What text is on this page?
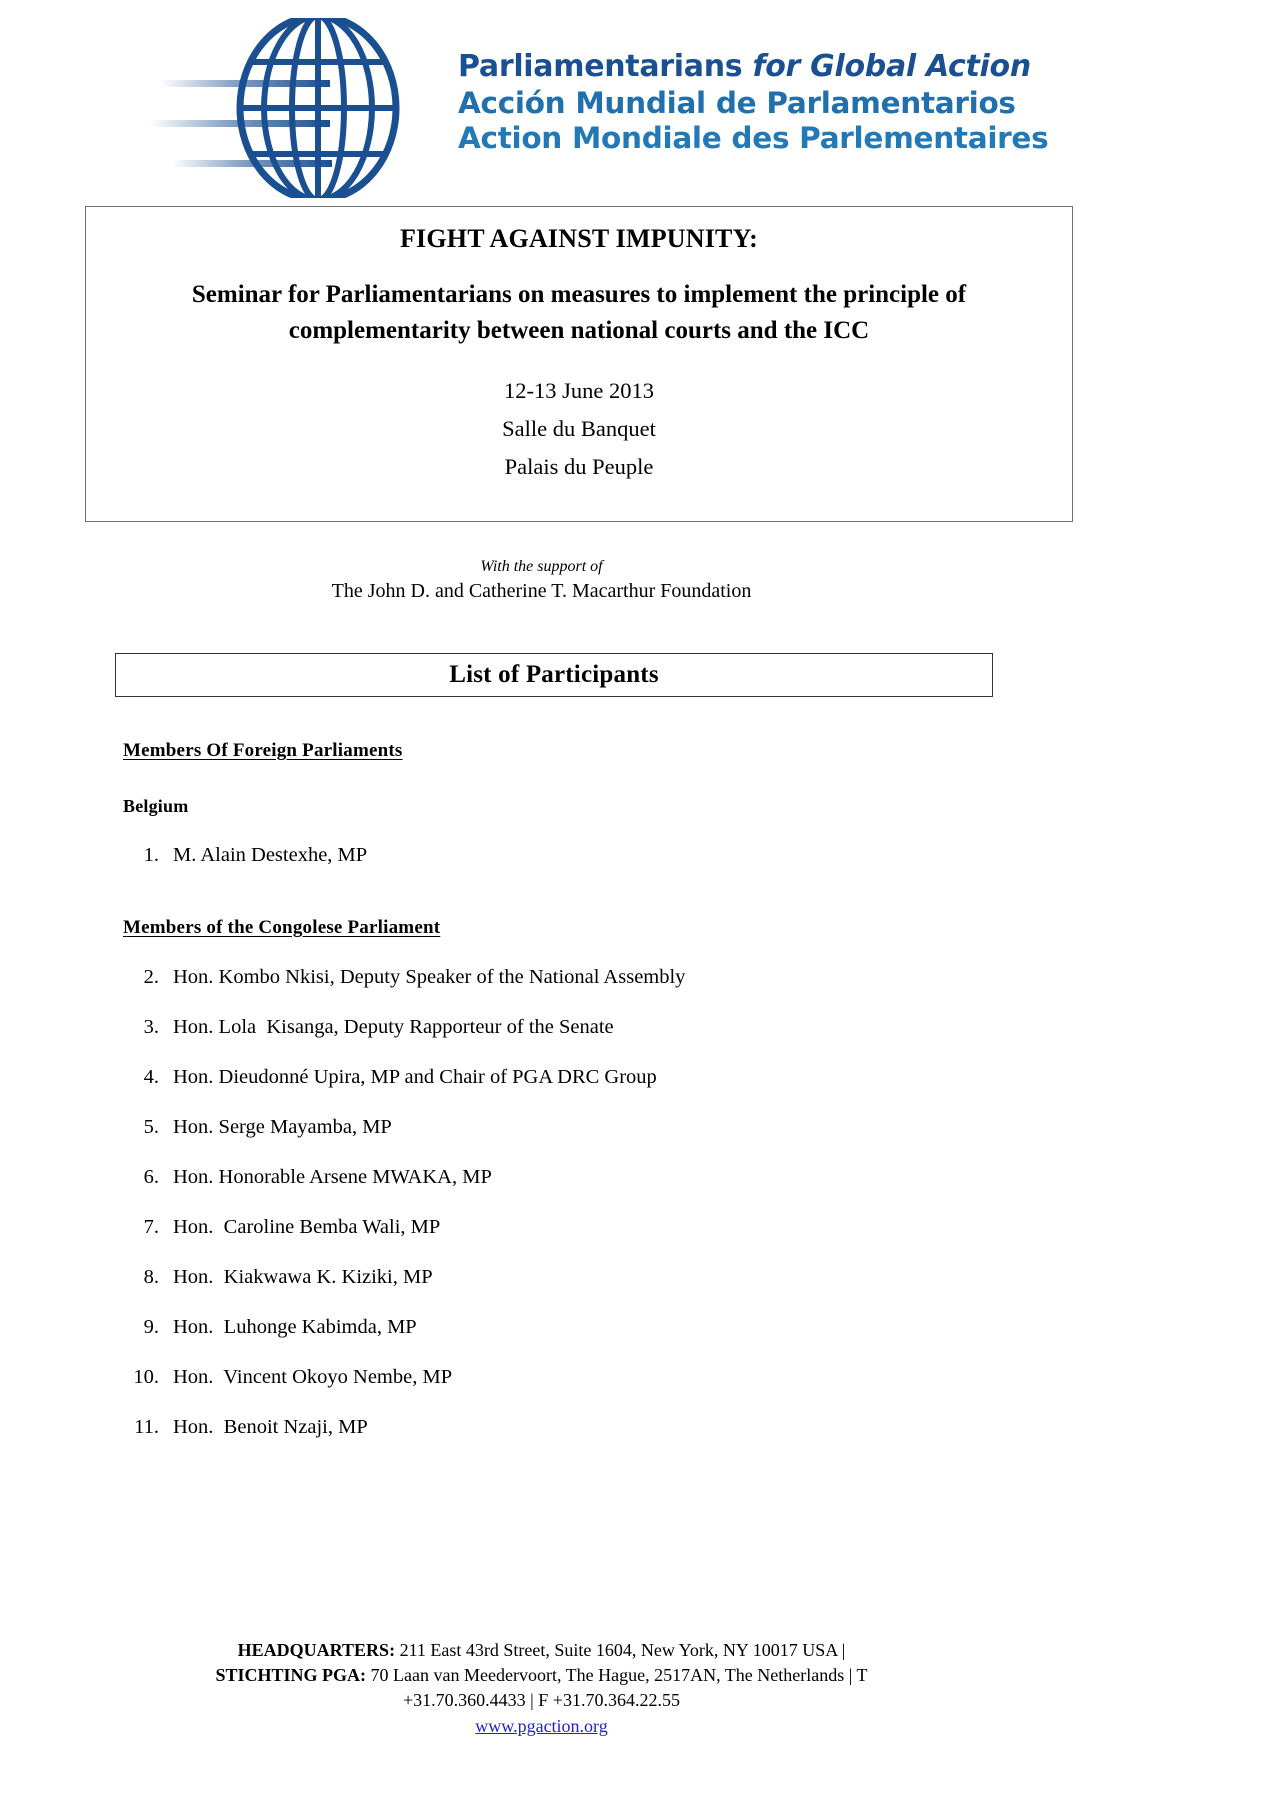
Parliamentarians for Global Action
Acción Mundial de Parlamentarios
Action Mondiale des Parlementaires
FIGHT AGAINST IMPUNITY:
Seminar for Parliamentarians on measures to implement the principle of complementarity between national courts and the ICC
12-13 June 2013
Salle du Banquet
Palais du Peuple
With the support of
The John D. and Catherine T. Macarthur Foundation
List of Participants
Members Of Foreign Parliaments
Belgium
1. M. Alain Destexhe, MP
Members of the Congolese Parliament
2. Hon. Kombo Nkisi, Deputy Speaker of the National Assembly
3. Hon. Lola  Kisanga, Deputy Rapporteur of the Senate
4. Hon. Dieudonné Upira, MP and Chair of PGA DRC Group
5. Hon. Serge Mayamba, MP
6. Hon. Honorable Arsene MWAKA, MP
7. Hon.  Caroline Bemba Wali, MP
8. Hon.  Kiakwawa K. Kiziki, MP
9. Hon.  Luhonge Kabimda, MP
10. Hon.  Vincent Okoyo Nembe, MP
11. Hon.  Benoit Nzaji, MP
HEADQUARTERS: 211 East 43rd Street, Suite 1604, New York, NY 10017 USA |
STICHTING PGA: 70 Laan van Meedervoort, The Hague, 2517AN, The Netherlands | T
+31.70.360.4433 | F +31.70.364.22.55
www.pgaction.org
